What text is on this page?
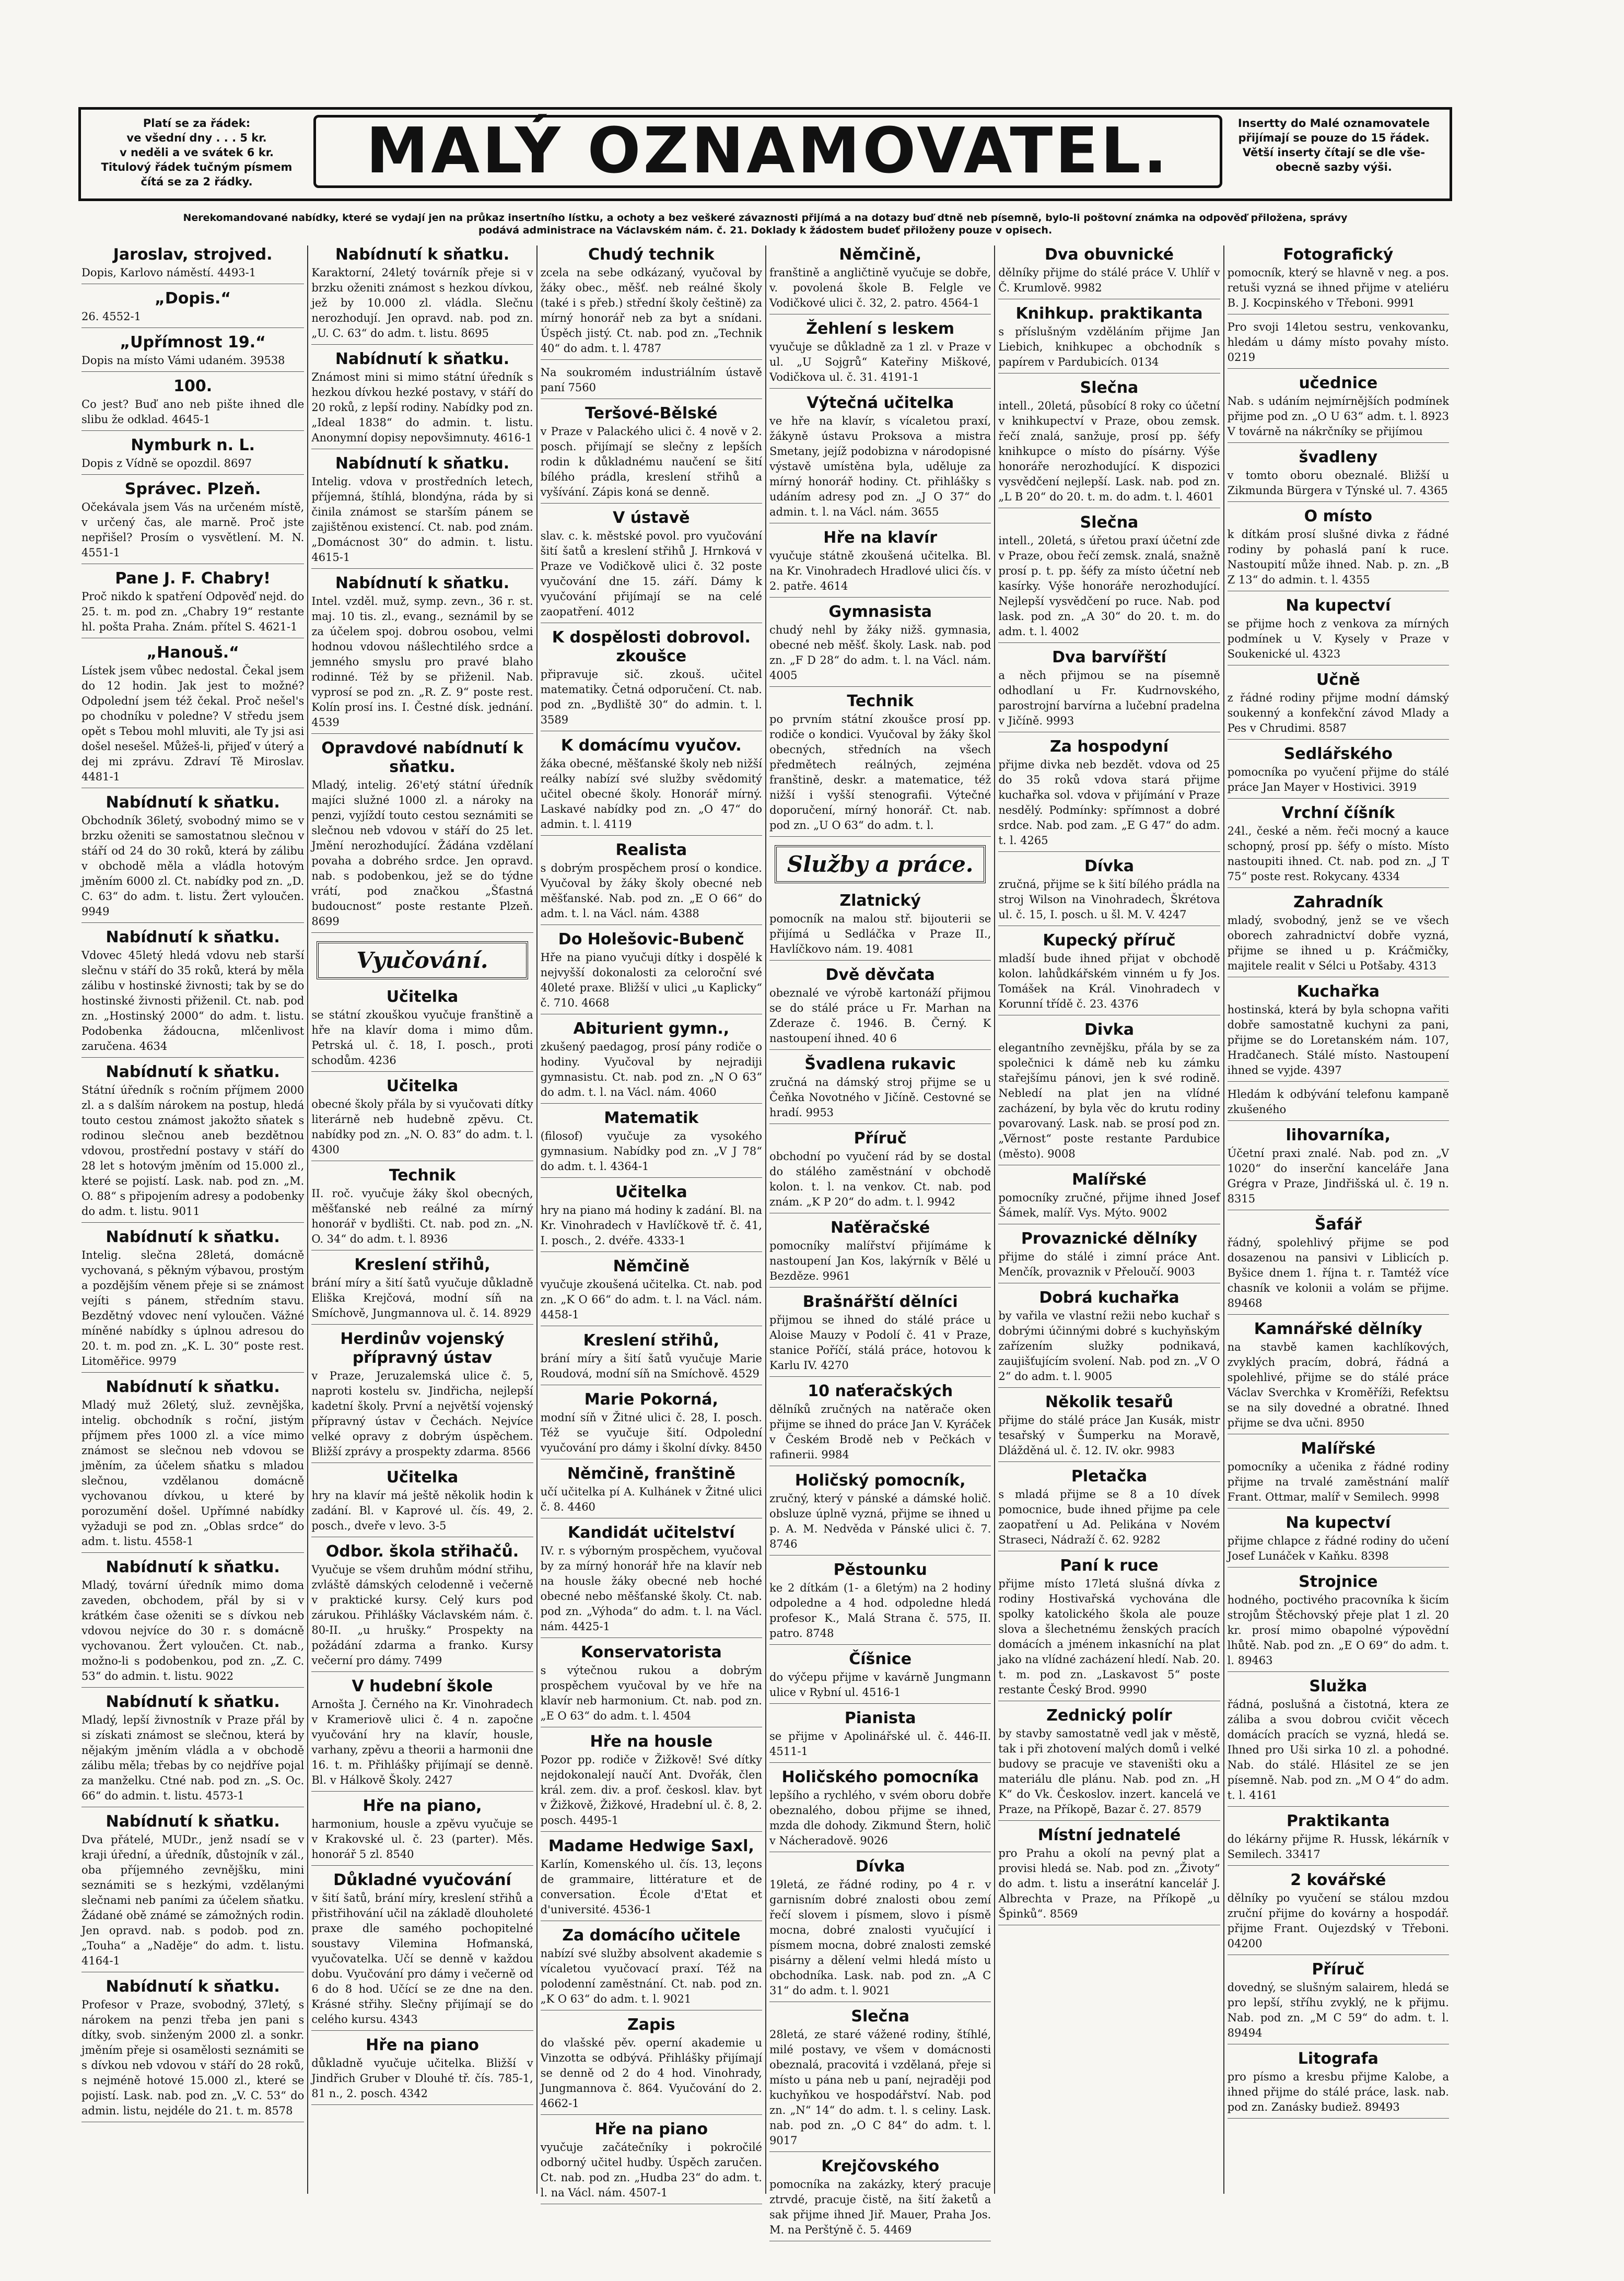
Platí se za řádek:
ve všední dny . . . 5 kr.
v neděli a ve svátek 6 kr.
Titulový řádek tučným písmem
čítá se za 2 řádky.	MALÝ OZNAMOVATEL.	Insertty do Malé oznamovatele
přijímají se pouze do 15 řádek.
Větší inserty čítají se dle vše-
obecně sazby výši.
Nerekomandované nabídky, které se vydají jen na průkaz insertního lístku, a ochoty a bez veškeré závaznosti přijímá a na dotazy buď dtně neb písemně, bylo-li poštovní známka na odpověď přiložena, správy podává administrace na Václavském nám. č. 21. Doklady k žádostem budeť přiloženy pouze v opisech.
Jaroslav, strojved.
Dopis, Karlovo náměstí. 4493-1
„Dopis.“
26. 4552-1
„Upřímnost 19.“
Dopis na místo Vámi udaném. 39538
100.
Co jest? Buď ano neb pište ihned dle slibu že odklad. 4645-1
Nymburk n. L.
Dopis z Vídně se opozdil. 8697
Správec. Plzeň.
Očekávala jsem Vás na určeném místě, v určený čas, ale marně. Proč jste nepřišel? Prosím o vysvětlení. M. N. 4551-1
Pane J. F. Chabry!
Proč nikdo k spatření Odpověď nejd. do 25. t. m. pod zn. „Chabry 19“ restante hl. pošta Praha. Znám. přítel S. 4621-1
„Hanouš.“
Lístek jsem vůbec nedostal. Čekal jsem do 12 hodin. Jak jest to možné? Odpolední jsem též čekal. Proč nešel's po chodníku v poledne? V středu jsem opět s Tebou mohl mluviti, ale Ty jsi asi došel nesešel. Můžeš-li, přijeď v úterý a dej mi zprávu. Zdraví Tě Miroslav. 4481-1
Nabídnutí k sňatku.
Obchodník 36letý, svobodný mimo se v brzku oženiti se samostatnou slečnou v stáří od 24 do 30 roků, která by zálibu v obchodě měla a vládla hotovým jměním 6000 zl. Ct. nabídky pod zn. „D. C. 63“ do adm. t. listu. Žert vyloučen. 9949
Nabídnutí k sňatku.
Vdovec 45letý hledá vdovu neb starší slečnu v stáří do 35 roků, která by měla zálibu v hostinské živnosti; tak by se do hostinské živnosti přiženil. Ct. nab. pod zn. „Hostinský 2000“ do adm. t. listu. Podobenka žádoucna, mlčenlivost zaručena. 4634
Nabídnutí k sňatku.
Státní úředník s ročním příjmem 2000 zl. a s dalším nárokem na postup, hledá touto cestou známost jakožto sňatek s rodinou slečnou aneb bezdětnou vdovou, prostřední postavy v stáří do 28 let s hotovým jměním od 15.000 zl., které se pojistí. Lask. nab. pod zn. „M. O. 88“ s připojením adresy a podobenky do adm. t. listu. 9011
Nabídnutí k sňatku.
Intelig. slečna 28letá, domácně vychovaná, s pěkným výbavou, prostým a pozdějším věnem přeje si se známost vejíti s pánem, středním stavu. Bezdětný vdovec není vyloučen. Vážné míněné nabídky s úplnou adresou do 20. t. m. pod zn. „K. L. 30“ poste rest. Litoměřice. 9979
Nabídnutí k sňatku.
Mladý muž 26letý, služ. zevnějška, intelig. obchodník s roční, jistým příjmem přes 1000 zl. a více mimo známost se slečnou neb vdovou se jměním, za účelem sňatku s mladou slečnou, vzdělanou domácně vychovanou dívkou, u které by porozumění došel. Upřímné nabídky vyžaduji se pod zn. „Oblas srdce“ do adm. t. listu. 4558-1
Nabídnutí k sňatku.
Mladý, tovární úředník mimo doma zaveden, obchodem, přál by si v krátkém čase oženiti se s dívkou neb vdovou nejvíce do 30 r. s domácně vychovanou. Žert vyloučen. Ct. nab., možno-li s podobenkou, pod zn. „Z. C. 53“ do admin. t. listu. 9022
Nabídnutí k sňatku.
Mladý, lepší živnostník v Praze přál by si získati známost se slečnou, která by nějakým jměním vládla a v obchodě zálibu měla; třebas by co nejdříve pojal za manželku. Ctné nab. pod zn. „S. Oc. 66“ do admin. t. listu. 4573-1
Nabídnutí k sňatku.
Dva přátelé, MUDr., jenž nsadí se v kraji úřední, a úředník, důstojník v zál., oba příjemného zevnějšku, mini seznámiti se s hezkými, vzdělanými slečnami neb paními za účelem sňatku. Žádané obě známé se zámožných rodin. Jen opravd. nab. s podob. pod zn. „Touha“ a „Naděje“ do adm. t. listu. 4164-1
Nabídnutí k sňatku.
Profesor v Praze, svobodný, 37letý, s nárokem na penzi třeba jen pani s dítky, svob. sinženým 2000 zl. a sonkr. jměním přeje si osamělosti seznámiti se s dívkou neb vdovou v stáří do 28 roků, s nejméně hotové 15.000 zl., které se pojistí. Lask. nab. pod zn. „V. C. 53“ do admin. listu, nejdéle do 21. t. m. 8578
Nabídnutí k sňatku.
Karaktorní, 24letý továrník přeje si v brzku oženiti známost s hezkou dívkou, jež by 10.000 zl. vládla. Slečnu nerozhodují. Jen opravd. nab. pod zn. „U. C. 63“ do adm. t. listu. 8695
Nabídnutí k sňatku.
Známost mini si mimo státní úředník s hezkou dívkou hezké postavy, v stáří do 20 roků, z lepší rodiny. Nabídky pod zn. „Ideal 1838“ do admin. t. listu. Anonymní dopisy nepovšimnuty. 4616-1
Nabídnutí k sňatku.
Intelig. vdova v prostředních letech, příjemná, štíhlá, blondýna, ráda by si činila známost se starším pánem se zajištěnou existencí. Ct. nab. pod znám. „Domácnost 30“ do admin. t. listu. 4615-1
Nabídnutí k sňatku.
Intel. vzděl. muž, symp. zevn., 36 r. st. maj. 10 tis. zl., evang., seznámil by se za účelem spoj. dobrou osobou, velmi hodnou vdovou nášlechtilého srdce a jemného smyslu pro pravé blaho rodinné. Též by se přiženil. Nab. vyprosí se pod zn. „R. Z. 9“ poste rest. Kolín prosí ins. I. Čestné dísk. jednání. 4539
Opravdové nabídnutí k sňatku.
Mladý, intelig. 26'etý státní úředník majíci služné 1000 zl. a nároky na penzi, vyjíždí touto cestou seznámiti se slečnou neb vdovou v stáří do 25 let. Jmění nerozhodující. Žádána vzdělaní povaha a dobrého srdce. Jen opravd. nab. s podobenkou, jež se do týdne vrátí, pod značkou „Šťastná budoucnost“ poste restante Plzeň. 8699
Vyučování.
Učitelka
se státní zkouškou vyučuje franštině a hře na klavír doma i mimo dům. Petrská ul. č. 18, I. posch., proti schodům. 4236
Učitelka
obecné školy přála by si vyučovati dítky literárně neb hudebně zpěvu. Ct. nabídky pod zn. „N. O. 83“ do adm. t. l. 4300
Technik
II. roč. vyučuje žáky škol obecných, měšťanské neb reálné za mírný honorář v bydlišti. Ct. nab. pod zn. „N. O. 34“ do adm. t. l. 8936
Kreslení střihů,
brání míry a šití šatů vyučuje důkladně Eliška Krejčová, modní síň na Smíchově, Jungmannova ul. č. 14. 8929
Herdinův vojenský přípravný ústav
v Praze, Jeruzalemská ulice č. 5, naproti kostelu sv. Jindřicha, nejlepší kadetní školy. První a největší vojenský přípravný ústav v Čechách. Nejvíce velké opravy z dobrým úspěchem. Bližší zprávy a prospekty zdarma. 8566
Učitelka
hry na klavír má ještě několik hodin k zadání. Bl. v Kaprové ul. čís. 49, 2. posch., dveře v levo. 3-5
Odbor. škola střihačů.
Vyučuje se všem druhům módní střihu, zvláště dámských celodenně i večerně v praktické kursy. Celý kurs pod zárukou. Přihlášky Václavském nám. č. 80-II. „u hrušky.“ Prospekty na požádání zdarma a franko. Kursy večerní pro dámy. 7499
V hudební škole
Arnošta J. Černého na Kr. Vinohradech v Krameriově ulici č. 4 n. započne vyučování hry na klavír, housle, varhany, zpěvu a theorii a harmonii dne 16. t. m. Přihlášky přijímají se denně. Bl. v Hálkově Školy. 2427
Hře na piano,
harmonium, housle a zpěvu vyučuje se v Krakovské ul. č. 23 (parter). Měs. honorář 5 zl. 8540
Důkladné vyučování
v šití šatů, brání míry, kreslení střihů a přistřihování učil na základě dlouholeté praxe dle samého pochopitelné soustavy Vilemina Hofmanská, vyučovatelka. Učí se denně v každou dobu. Vyučování pro dámy i večerně od 6 do 8 hod. Učící se ze dne na den. Krásné střihy. Slečny přijímají se do celého kursu. 4343
Hře na piano
důkladně vyučuje učitelka. Bližší v Jindřich Gruber v Dlouhé tř. čís. 785-1, 81 n., 2. posch. 4342
Chudý technik
zcela na sebe odkázaný, vyučoval by žáky obec., měšť. neb reálné školy (také i s přeb.) střední školy češtině) za mírný honorář neb za byt a snídani. Úspěch jistý. Ct. nab. pod zn. „Technik 40“ do adm. t. l. 4787
Na soukromém industriálním ústavě paní 7560
Teršové-Bělské
v Praze v Palackého ulici č. 4 nově v 2. posch. přijímají se slečny z lepších rodin k důkladnému naučení se šití bílého prádla, kreslení střihů a vyšívání. Zápis koná se denně.
V ústavě
slav. c. k. městské povol. pro vyučování šití šatů a kreslení střihů J. Hrnková v Praze ve Vodičkově ulici č. 32 poste vyučování dne 15. září. Dámy k vyučování přijímají se na celé zaopatření. 4012
K dospělosti dobrovol. zkoušce
připravuje sič. zkouš. učitel matematiky. Četná odporučení. Ct. nab. pod zn. „Bydliště 30“ do admin. t. l. 3589
K domácímu vyučov.
žáka obecné, měšťanské školy neb nižší reálky nabízí své služby svědomitý učitel obecné školy. Honorář mírný. Laskavé nabídky pod zn. „O 47“ do admin. t. l. 4119
Realista
s dobrým prospěchem prosí o kondice. Vyučoval by žáky školy obecné neb měšťanské. Nab. pod zn. „E O 66“ do adm. t. l. na Václ. nám. 4388
Do Holešovic-Bubenč
Hře na piano vyučuji dítky i dospělé k nejvyšší dokonalosti za celoroční své 40leté praxe. Bližší v ulici „u Kaplicky“ č. 710. 4668
Abiturient gymn.,
zkušený paedagog, prosí pány rodiče o hodiny. Vyučoval by nejradiji gymnasistu. Ct. nab. pod zn. „N O 63“ do adm. t. l. na Václ. nám. 4060
Matematik
(filosof) vyučuje za vysokého gymnasium. Nabídky pod zn. „V J 78“ do adm. t. l. 4364-1
Učitelka
hry na piano má hodiny k zadání. Bl. na Kr. Vinohradech v Havlíčkově tř. č. 41, I. posch., 2. dvéře. 4333-1
Němčině
vyučuje zkoušená učitelka. Ct. nab. pod zn. „K O 66“ do adm. t. l. na Václ. nám. 4458-1
Kreslení střihů,
brání míry a šití šatů vyučuje Marie Roudová, modní síň na Smíchově. 4529
Marie Pokorná,
modní síň v Žitné ulici č. 28, I. posch. Též se vyučuje šití. Odpolední vyučování pro dámy i školní dívky. 8450
Němčině, franštině
učí učitelka pí A. Kulhánek v Žitné ulici č. 8. 4460
Kandidát učitelství
IV. r. s výborným prospěchem, vyučoval by za mírný honorář hře na klavír neb na housle žáky obecné neb hoché obecné nebo měšťanské školy. Ct. nab. pod zn. „Výhoda“ do adm. t. l. na Václ. nám. 4425-1
Konservatorista
s výtečnou rukou a dobrým prospěchem vyučoval by ve hře na klavír neb harmonium. Ct. nab. pod zn. „E O 63“ do adm. t. l. 4504
Hře na housle
Pozor pp. rodiče v Žižkově! Své dítky nejdokonalejí naučí Ant. Dvořák, člen král. zem. div. a prof. českosl. klav. byt v Žižkově, Žižkové, Hradební ul. č. 8, 2. posch. 4495-1
Madame Hedwige Saxl,
Karlín, Komenského ul. čís. 13, leçons de grammaire, littérature et de conversation. École d'Etat et d'université. 4536-1
Za domácího učitele
nabízí své služby absolvent akademie s vícaletou vyučovací praxí. Též na polodenní zaměstnání. Ct. nab. pod zn. „K O 63“ do adm. t. l. 9021
Zapis
do vlašské pěv. operní akademie u Vinzotta se odbývá. Přihlášky přijímají se denně od 2 do 4 hod. Vinohrady, Jungmannova č. 864. Vyučování do 2. 4662-1
Hře na piano
vyučuje začátečníky i pokročilé odborný učitel hudby. Úspěch zaručen. Ct. nab. pod zn. „Hudba 23“ do adm. t. l. na Václ. nám. 4507-1
Němčině,
franštině a angličtině vyučuje se dobře, v. povolená škole B. Felgle ve Vodičkové ulici č. 32, 2. patro. 4564-1
Žehlení s leskem
vyučuje se důkladně za 1 zl. v Praze v ul. „U Sojgrů“ Kateřiny Miškové, Vodičkova ul. č. 31. 4191-1
Výtečná učitelka
ve hře na klavír, s vícaletou praxí, žákyně ústavu Proksova a mistra Smetany, jejíž podobizna v národopisné výstavě umístěna byla, uděluje za mírný honorář hodiny. Ct. přihlášky s udáním adresy pod zn. „J O 37“ do admin. t. l. na Václ. nám. 3655
Hře na klavír
vyučuje státně zkoušená učitelka. Bl. na Kr. Vinohradech Hradlové ulici čís. v 2. patře. 4614
Gymnasista
chudý nehl by žáky nižš. gymnasia, obecné neb měšť. školy. Lask. nab. pod zn. „F D 28“ do adm. t. l. na Václ. nám. 4005
Technik
po prvním státní zkoušce prosí pp. rodiče o kondici. Vyučoval by žáky škol obecných, středních na všech předmětech reálných, zejména franštině, deskr. a matematice, též nižší i vyšší stenografii. Výtečné doporučení, mírný honorář. Ct. nab. pod zn. „U O 63“ do adm. t. l.
Služby a práce.
Zlatnický
pomocník na malou stř. bijouterii se přijímá u Sedláčka v Praze II., Havlíčkovo nám. 19. 4081
Dvě děvčata
obeznalé ve výrobě kartonáží přijmou se do stálé práce u Fr. Marhan na Zderaze č. 1946. B. Černý. K nastoupení ihned. 40 6
Švadlena rukavic
zručná na dámský stroj přijme se u Čeňka Novotného v Jičíně. Cestovné se hradí. 9953
Příruč
obchodní po vyučení rád by se dostal do stálého zaměstnání v obchodě kolon. t. l. na venkov. Ct. nab. pod znám. „K P 20“ do adm. t. l. 9942
Naťěračské
pomocníky malířství přijímáme k nastoupení Jan Kos, lakýrník v Bělé u Bezděze. 9961
Brašnářští dělníci
přijmou se ihned do stálé práce u Aloise Mauzy v Podolí č. 41 v Praze, stanice Poříčí, stálá práce, hotovou k Karlu IV. 4270
10 naťeračských
dělníků zručných na natěrače oken přijme se ihned do práce Jan V. Kyráček v Českém Brodě neb v Pečkách v rafinerii. 9984
Holičský pomocník,
zručný, který v pánské a dámské holič. obsluze úplně vyzná, přijme se ihned u p. A. M. Nedvěda v Pánské ulici č. 7. 8746
Pěstounku
ke 2 dítkám (1- a 6letým) na 2 hodiny odpoledne a 4 hod. odpoledne hledá profesor K., Malá Strana č. 575, II. patro. 8748
Číšnice
do výčepu přijme v kavárně Jungmann ulice v Rybní ul. 4516-1
Pianista
se přijme v Apolinářské ul. č. 446-II. 4511-1
Holičského pomocníka
lepšího a rychlého, v svém oboru dobře obeznalého, dobou přijme se ihned, mzda dle dohody. Zikmund Štern, holič v Nácheradově. 9026
Dívka
19letá, ze řádné rodiny, po 4 r. v garnisním dobré znalosti obou zemí řečí slovem i písmem, slovo i písmě mocna, dobré znalosti vyučující i písmem mocna, dobré znalosti zemské pisárny a dělení velmi hledá místo u obchodníka. Lask. nab. pod zn. „A C 31“ do adm. t. l. 9021
Slečna
28letá, ze staré vážené rodiny, štíhlé, milé postavy, ve všem v domácnosti obeznalá, pracovitá i vzdělaná, přeje si místo u pána neb u paní, nejraději pod kuchyňkou ve hospodářství. Nab. pod zn. „N“ 14“ do adm. t. l. s celiny. Lask. nab. pod zn. „O C 84“ do adm. t. l. 9017
Krejčovského
pomocníka na zakázky, který pracuje ztrvdé, pracuje čistě, na šití žaketů a sak přijme ihned Jiř. Mauer, Praha Jos. M. na Perštýně č. 5. 4469
Dva obuvnické
dělníky přijme do stálé práce V. Uhlíř v Č. Krumlově. 9982
Knihkup. praktikanta
s příslušným vzděláním přijme Jan Liebich, knihkupec a obchodník s papírem v Pardubicích. 0134
Slečna
intell., 20letá, působící 8 roky co účetní v knihkupectví v Praze, obou zemsk. řečí znalá, sanžuje, prosí pp. šéfy knihkupce o místo do písárny. Výše honoráře nerozhodující. K dispozici vysvědčení nejlepší. Lask. nab. pod zn. „L B 20“ do 20. t. m. do adm. t. l. 4601
Slečna
intell., 20letá, s úřetou praxí účetní zde v Praze, obou řečí zemsk. znalá, snažně prosí p. t. pp. šéfy za místo účetní neb kasírky. Výše honoráře nerozhodující. Nejlepší vysvědčení po ruce. Nab. pod lask. pod zn. „A 30“ do 20. t. m. do adm. t. l. 4002
Dva barvířští
a něch přijmou se na písemně odhodlaní u Fr. Kudrnovského, parostrojní barvírna a lučební pradelna v Jičíně. 9993
Za hospodyní
přijme divka neb bezdět. vdova od 25 do 35 roků vdova stará přijme kuchařka sol. vdova v přijímání v Praze nesdělý. Podmínky: spřímnost a dobré srdce. Nab. pod zam. „E G 47“ do adm. t. l. 4265
Dívka
zručná, přijme se k šití bílého prádla na stroj Wilson na Vinohradech, Škrétova ul. č. 15, I. posch. u šl. M. V. 4247
Kupecký příruč
mladší bude ihned přijat v obchodě kolon. lahůdkářském vinném u fy Jos. Tomášek na Král. Vinohradech v Korunní třídě č. 23. 4376
Divka
elegantního zevnějšku, přála by se za společnici k dámě neb ku zámku stařejšímu pánovi, jen k své rodině. Nebledí na plat jen na vlídné zacházení, by byla věc do krutu rodiny povarovaný. Lask. nab. se prosí pod zn. „Věrnost“ poste restante Pardubice (město). 9008
Malířské
pomocníky zručné, přijme ihned Josef Šámek, malíř. Vys. Mýto. 9002
Provaznické dělníky
přijme do stálé i zimní práce Ant. Menčík, provaznik v Přeloučí. 9003
Dobrá kuchařka
by vařila ve vlastní režii nebo kuchař s dobrými účinnými dobré s kuchyňským zařízením služky podnikavá, zaujišťujícím svolení. Nab. pod zn. „V O 2“ do adm. t. l. 9005
Několik tesařů
přijme do stálé práce Jan Kusák, mistr tesařský v Šumperku na Moravě, Dlážděná ul. č. 12. IV. okr. 9983
Pletačka
s mladá přijme se 8 a 10 dívek pomocnice, bude ihned přijme pa cele zaopatření u Ad. Pelikána v Novém Straseci, Nádraží č. 62. 9282
Paní k ruce
přijme místo 17letá slušná dívka z rodiny Hostivařská vychována dle spolky katolického škola ale pouze slova a šlechetnému ženských pracích domácích a jménem inkasníchí na plat jako na vlídné zacházení hledí. Nab. 20. t. m. pod zn. „Laskavost 5“ poste restante Český Brod. 9990
Zednický polír
by stavby samostatně vedl jak v městě, tak i při zhotovení malých domů i velké budovy se pracuje ve staveništi oku a materiálu dle plánu. Nab. pod zn. „H K“ do Vk. Českoslov. inzert. kancelá ve Praze, na Příkopě, Bazar č. 27. 8579
Místní jednatelé
pro Prahu a okolí na pevný plat a provisi hledá se. Nab. pod zn. „Životy“ do adm. t. listu a inserátní kancelář J. Albrechta v Praze, na Příkopě „u Špinků“. 8569
Fotografický
pomocník, který se hlavně v neg. a pos. retuši vyzná se ihned přijme v ateliéru B. J. Kocpinského v Třeboni. 9991
Pro svoji 14letou sestru, venkovanku, hledám u dámy místo povahy místo. 0219
učednice
Nab. s udáním nejmírnějších podmínek přijme pod zn. „O U 63“ adm. t. l. 8923 V továrně na nákrčníky se přijímou
švadleny
v tomto oboru obeznalé. Bližší u Zikmunda Bürgera v Týnské ul. 7. 4365
O místo
k dítkám prosí slušné divka z řádné rodiny by pohaslá paní k ruce. Nastoupití může ihned. Nab. p. zn. „B Z 13“ do admin. t. l. 4355
Na kupectví
se přijme hoch z venkova za mírných podmínek u V. Kysely v Praze v Soukenické ul. 4323
Učně
z řádné rodiny přijme modní dámský soukenný a konfekční závod Mlady a Pes v Chrudimi. 8587
Sedlářského
pomocníka po vyučení přijme do stálé práce Jan Mayer v Hostivici. 3919
Vrchní číšník
24l., české a něm. řeči mocný a kauce schopný, prosí pp. šéfy o místo. Místo nastoupiti ihned. Ct. nab. pod zn. „J T 75“ poste rest. Rokycany. 4334
Zahradník
mladý, svobodný, jenž se ve všech oborech zahradnictví dobře vyzná, přijme se ihned u p. Kráčmičky, majitele realit v Sélci u Potšaby. 4313
Kuchařka
hostinská, která by byla schopna vařiti dobře samostatně kuchyni za pani, přijme se do Loretanském nám. 107, Hradčanech. Stálé místo. Nastoupení ihned se vyjde. 4397
Hledám k odbývání telefonu kampaně zkušeného
lihovarníka,
Účetní praxi znalé. Nab. pod zn. „V 1020“ do inserční kanceláře Jana Grégra v Praze, Jindřišská ul. č. 19 n. 8315
Šafář
řádný, spolehlivý přijme se pod dosazenou na pansivi v Liblicích p. Byšice dnem 1. října t. r. Tamtéž více chasník ve kolonii a volám se přijme. 89468
Kamnářské dělníky
na stavbě kamen kachlíkových, zvyklých pracím, dobrá, řádná a spolehlivé, přijme se do stálé práce Václav Sverchka v Kroměříži, Refektsu se na sily dovedné a obratné. Ihned přijme se dva učni. 8950
Malířské
pomocníky a učenika z řádné rodiny přijme na trvalé zaměstnání malíř Frant. Ottmar, malíř v Semilech. 9998
Na kupectví
přijme chlapce z řádné rodiny do učení Josef Lunáček v Kaňku. 8398
Strojnice
hodného, poctivého pracovníka k šicím strojům Štěchovský přeje plat 1 zl. 20 kr. prosí mimo obapolné výpovědní lhůtě. Nab. pod zn. „E O 69“ do adm. t. l. 89463
Služka
řádná, poslušná a čistotná, ktera ze záliba a svou dobrou cvičit věcech domácích pracích se vyzná, hledá se. Ihned pro Uši sirka 10 zl. a pohodné. Nab. do stálé. Hlásitel ze se jen písemně. Nab. pod zn. „M O 4“ do adm. t. l. 4161
Praktikanta
do lékárny přijme R. Hussk, lékárník v Semilech. 33417
2 kovářské
dělníky po vyučení se stálou mzdou zruční přijme do kovárny a hospodář. přijme Frant. Oujezdský v Třeboni. 04200
Příruč
dovedný, se slušným salairem, hledá se pro lepší, stříhu zvyklý, ne k přijmu. Nab. pod zn. „M C 59“ do adm. t. l. 89494
Litografa
pro písmo a kresbu přijme Kalobe, a ihned přijme do stálé práce, lask. nab. pod zn. Zanásky budiež. 89493
